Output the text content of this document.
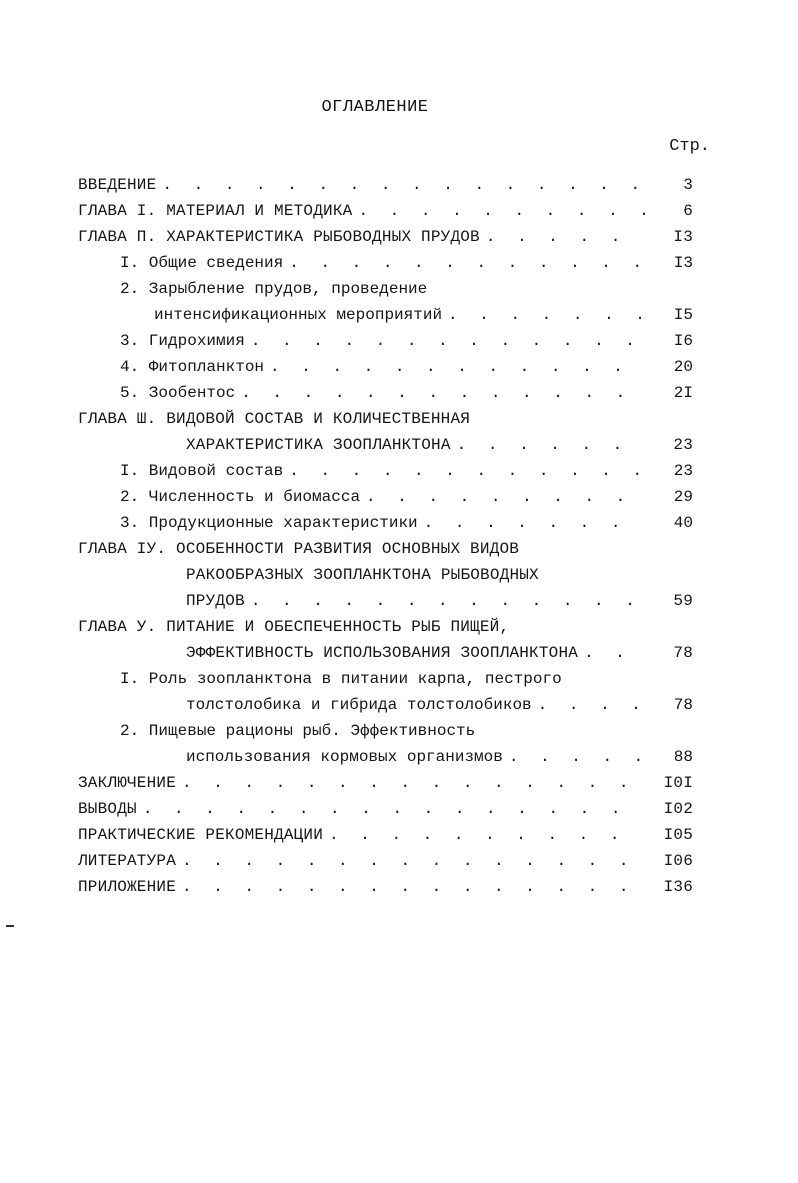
ОГЛАВЛЕНИЕ
Стр.
ВВЕДЕНИЕ . . .	3
ГЛАВА I. МАТЕРИАЛ И МЕТОДИКА . . .	6
ГЛАВА П. ХАРАКТЕРИСТИКА РЫБОВОДНЫХ ПРУДОВ . . .	I3
I. Общие сведения . . .	I3
2. Зарыбление прудов, проведение
интенсификационных мероприятий . . .	I5
3. Гидрохимия . . .	I6
4. Фитопланктон . . .	20
5. Зообентос . . .	2I
ГЛАВА Ш. ВИДОВОЙ СОСТАВ И КОЛИЧЕСТВЕННАЯ
ХАРАКТЕРИСТИКА ЗООПЛАНКТОНА . . .	23
I. Видовой состав . . .	23
2. Численность и биомасса . . .	29
3. Продукционные характеристики . . .	40
ГЛАВА IУ. ОСОБЕННОСТИ РАЗВИТИЯ ОСНОВНЫХ ВИДОВ
РАКООБРАЗНЫХ ЗООПЛАНКТОНА РЫБОВОДНЫХ
ПРУДОВ . . .	59
ГЛАВА У. ПИТАНИЕ И ОБЕСПЕЧЕННОСТЬ РЫБ ПИЩЕЙ,
ЭФФЕКТИВНОСТЬ ИСПОЛЬЗОВАНИЯ ЗООПЛАНКТОНА . . .	78
I. Роль зоопланктона в питании карпа, пестрого
толстолобика и гибрида толстолобиков . . .	78
2. Пищевые рационы рыб. Эффективность
использования кормовых организмов . . .	88
ЗАКЛЮЧЕНИЕ . . .	I0I
ВЫВОДЫ . . .	I02
ПРАКТИЧЕСКИЕ РЕКОМЕНДАЦИИ . . .	I05
ЛИТЕРАТУРА . . .	I06
ПРИЛОЖЕНИЕ . . .	I36
